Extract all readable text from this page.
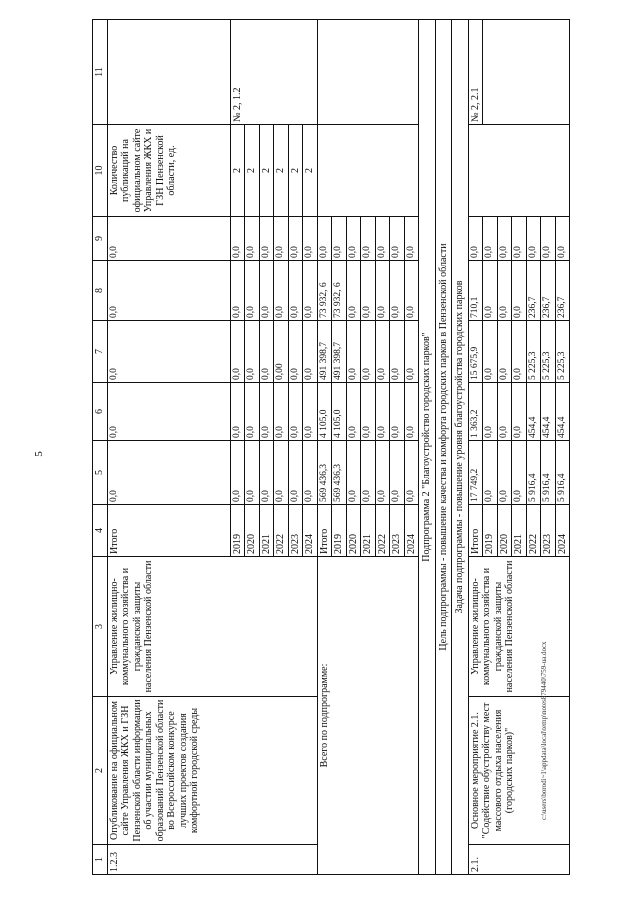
5
1	2	3	4	5	6	7	8	9	10	11
1.2.3	Опубликование на официальном сайте Управления ЖКХ и ГЗН Пензенской области информации об участии муниципальных образований Пензенской области во Всероссийском конкурсе лучших проектов создания комфортной городской среды	Управление жилищно-коммунального хозяйства и гражданской защиты населения Пензенской области	Итого	0,0	0,0	0,0	0,0	0,0	Количество публикаций на официальном сайте Управления ЖКХ и ГЗН Пензенской области, ед.	
			2019	0,0	0,0	0,0	0,0	0,0	2	№ 2, 1.2
			2020	0,0	0,0	0,0	0,0	0,0	2	
			2021	0,0	0,0	0,0	0,0	0,0	2	
			2022	0,0	0,0	0,00	0,0	0,0	2	
			2023	0,0	0,0	0,0	0,0	0,0	2	
			2024	0,0	0,0	0,0	0,0	0,0	2	
Всего по подпрограмме:			Итого	569 436,3	4 105,0	491 398,7	73 932, 6	0,0		
			2019	569 436,3	4 105,0	491 398,7	73 932, 6	0,0		
			2020	0,0	0,0	0,0	0,0	0,0		
			2021	0,0	0,0	0,0	0,0	0,0		
			2022	0,0	0,0	0,0	0,0	0,0		
			2023	0,0	0,0	0,0	0,0	0,0		
			2024	0,0	0,0	0,0	0,0	0,0		
Подпрограмма 2 "Благоустройство городских парков"										
Цель подпрограммы - повышение качества и комфорта городских парков в Пензенской области										
Задача подпрограммы - повышение уровня благоустройства городских парков										
2.1.	Основное мероприятие 2.1. "Содействие обустройству мест массового отдыха населения (городских парков)"	Управление жилищно-коммунального хозяйства и гражданской защиты населения Пензенской области	Итого	17 749,2	1 363,2	15 675,9	710,1	0,0		№ 2, 2.1
			2019	0,0	0,0	0,0	0,0	0,0		
			2020	0,0	0,0	0,0	0,0	0,0		
			2021	0,0	0,0	0,0	0,0	0,0		
			2022	5 916,4	454,4	5 225,3	236,7	0,0		
			2023	5 916,4	454,4	5 225,3	236,7	0,0		
			2024	5 916,4	454,4	5 225,3	236,7	0,0		
c:\users\borodi~1\appdata\local\temp\notes879440\759-ua.docx
